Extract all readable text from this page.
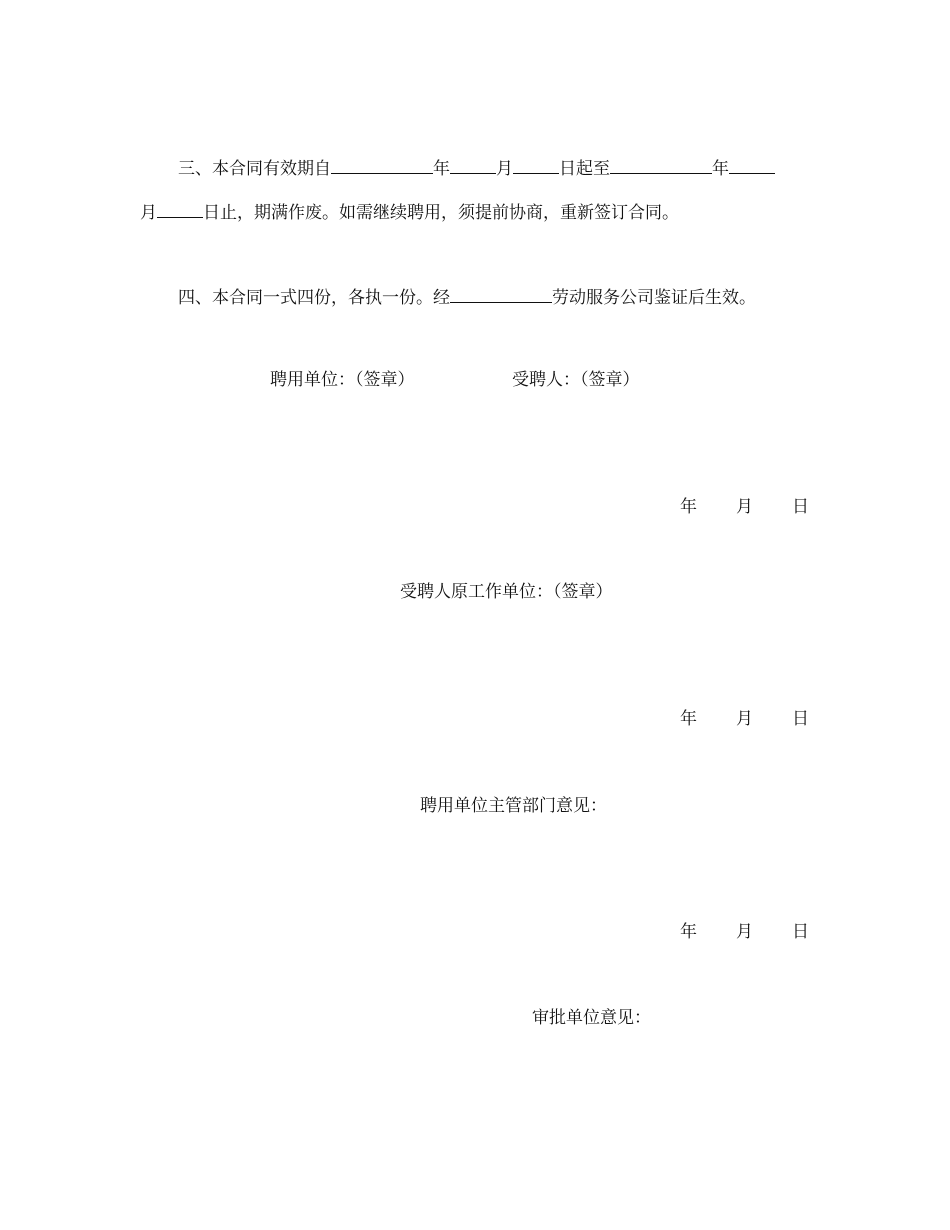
三、本合同有效期自	年	月	日起至	年
月	日止，期满作废。如需继续聘用，须提前协商，重新签订合同。
四、本合同一式四份，各执一份。经	劳动服务公司鉴证后生效。
聘用单位：（签章）	受聘人：（签章）
年 月 日
受聘人原工作单位：（签章）
年 月 日
聘用单位主管部门意见：
年 月 日
审批单位意见：
